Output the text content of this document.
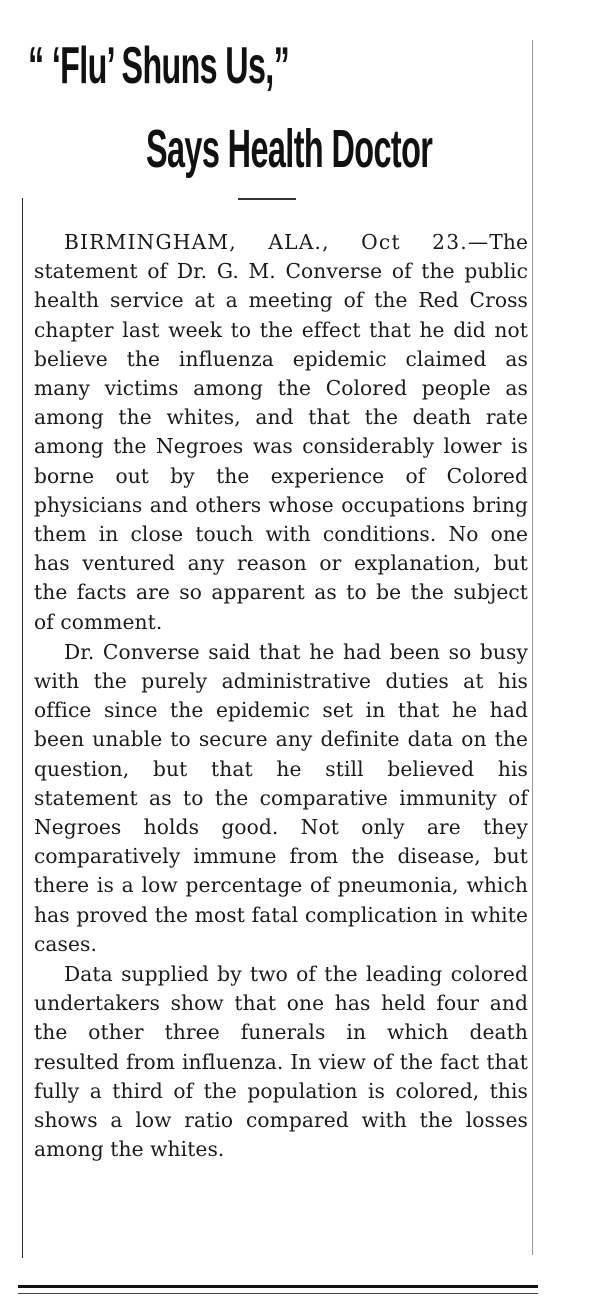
“ ‘Flu’ Shuns Us,”
Says Health Doctor

BIRMINGHAM, ALA., Oct 23.—The statement of Dr. G. M. Converse of the public health service at a meeting of the Red Cross chapter last week to the effect that he did not believe the influenza epidemic claimed as many victims among the Colored people as among the whites, and that the death rate among the Negroes was considerably lower is borne out by the experience of Colored physicians and others whose occupations bring them in close touch with conditions. No one has ventured any reason or explanation, but the facts are so apparent as to be the subject of comment.

Dr. Converse said that he had been so busy with the purely administrative duties at his office since the epidemic set in that he had been unable to secure any definite data on the question, but that he still believed his statement as to the comparative immunity of Negroes holds good. Not only are they comparatively immune from the disease, but there is a low percentage of pneumonia, which has proved the most fatal complication in white cases.

Data supplied by two of the leading colored undertakers show that one has held four and the other three funerals in which death resulted from influenza. In view of the fact that fully a third of the population is colored, this shows a low ratio compared with the losses among the whites.
